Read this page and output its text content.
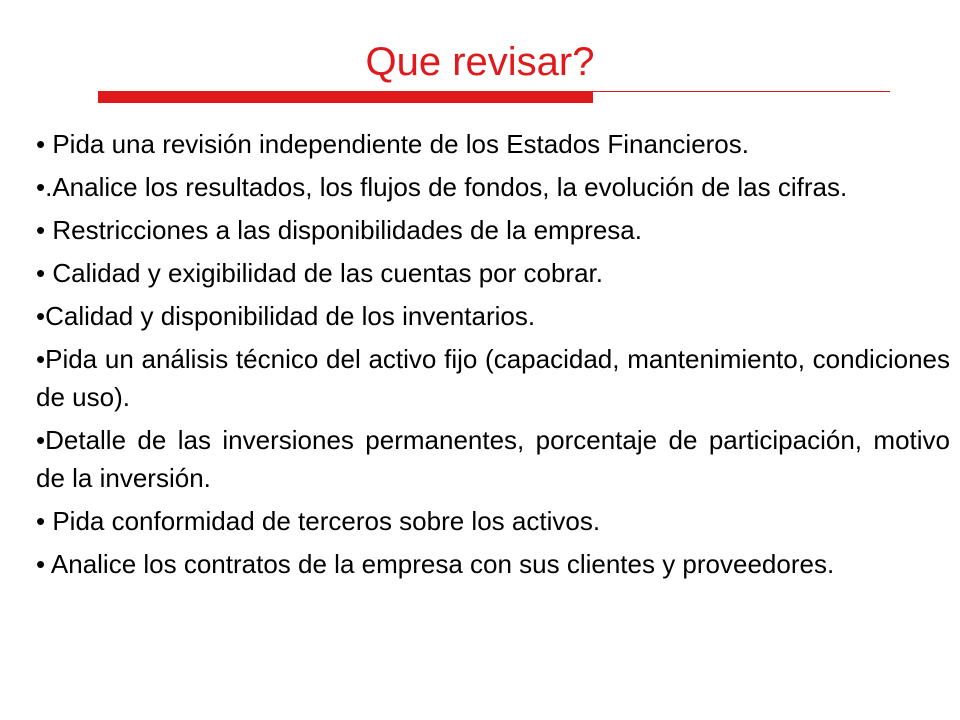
Que revisar?

• Pida una revisión independiente de los Estados Financieros.

•.Analice los resultados, los flujos de fondos, la evolución de las cifras.

• Restricciones a las disponibilidades de la empresa.

• Calidad y exigibilidad de las cuentas por cobrar.

•Calidad y disponibilidad de los inventarios.

•Pida un análisis técnico del activo fijo (capacidad, mantenimiento, condiciones de uso).

•Detalle de las inversiones permanentes, porcentaje de participación, motivo de la inversión.

• Pida conformidad de terceros sobre los activos.

• Analice los contratos de la empresa con sus clientes y proveedores.
